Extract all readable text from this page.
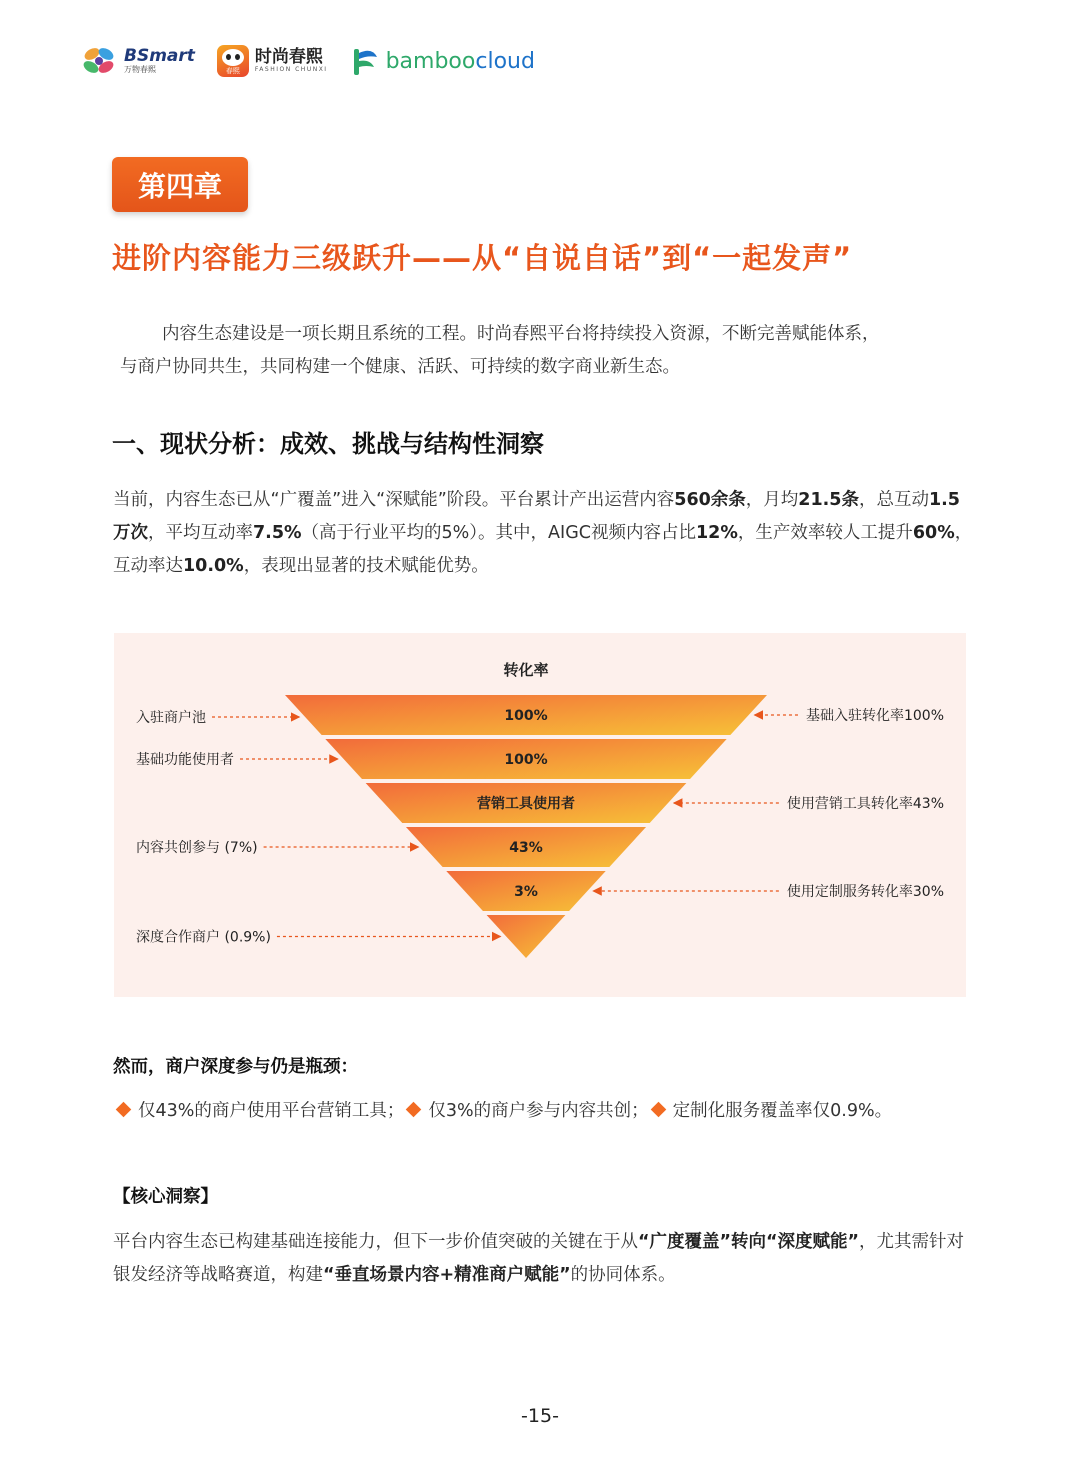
BSmart
万物春熙	春熙
时尚春熙
FASHION CHUNXI	bamboocloud
第四章
进阶内容能力三级跃升——从“自说自话”到“一起发声”

内容生态建设是一项长期且系统的工程。时尚春熙平台将持续投入资源，不断完善赋能体系，

与商户协同共生，共同构建一个健康、活跃、可持续的数字商业新生态。

一、现状分析：成效、挑战与结构性洞察
当前，内容生态已从“广覆盖”进入“深赋能”阶段。平台累计产出运营内容560余条，月均21.5条，总互动1.5万次，平均互动率7.5%（高于行业平均的5%）。其中，AIGC视频内容占比12%，生产效率较人工提升60%，互动率达10.0%，表现出显著的技术赋能优势。
转化率
100%
100%
营销工具使用者
43%
3%
入驻商户池
基础功能使用者
内容共创参与 (7%)
深度合作商户 (0.9%)
基础入驻转化率100%
使用营销工具转化率43%
使用定制服务转化率30%
然而，商户深度参与仍是瓶颈：
仅43%的商户使用平台营销工具； 仅3%的商户参与内容共创； 定制化服务覆盖率仅0.9%。
【核心洞察】
平台内容生态已构建基础连接能力，但下一步价值突破的关键在于从“广度覆盖”转向“深度赋能”，尤其需针对银发经济等战略赛道，构建“垂直场景内容+精准商户赋能”的协同体系。
-15-
